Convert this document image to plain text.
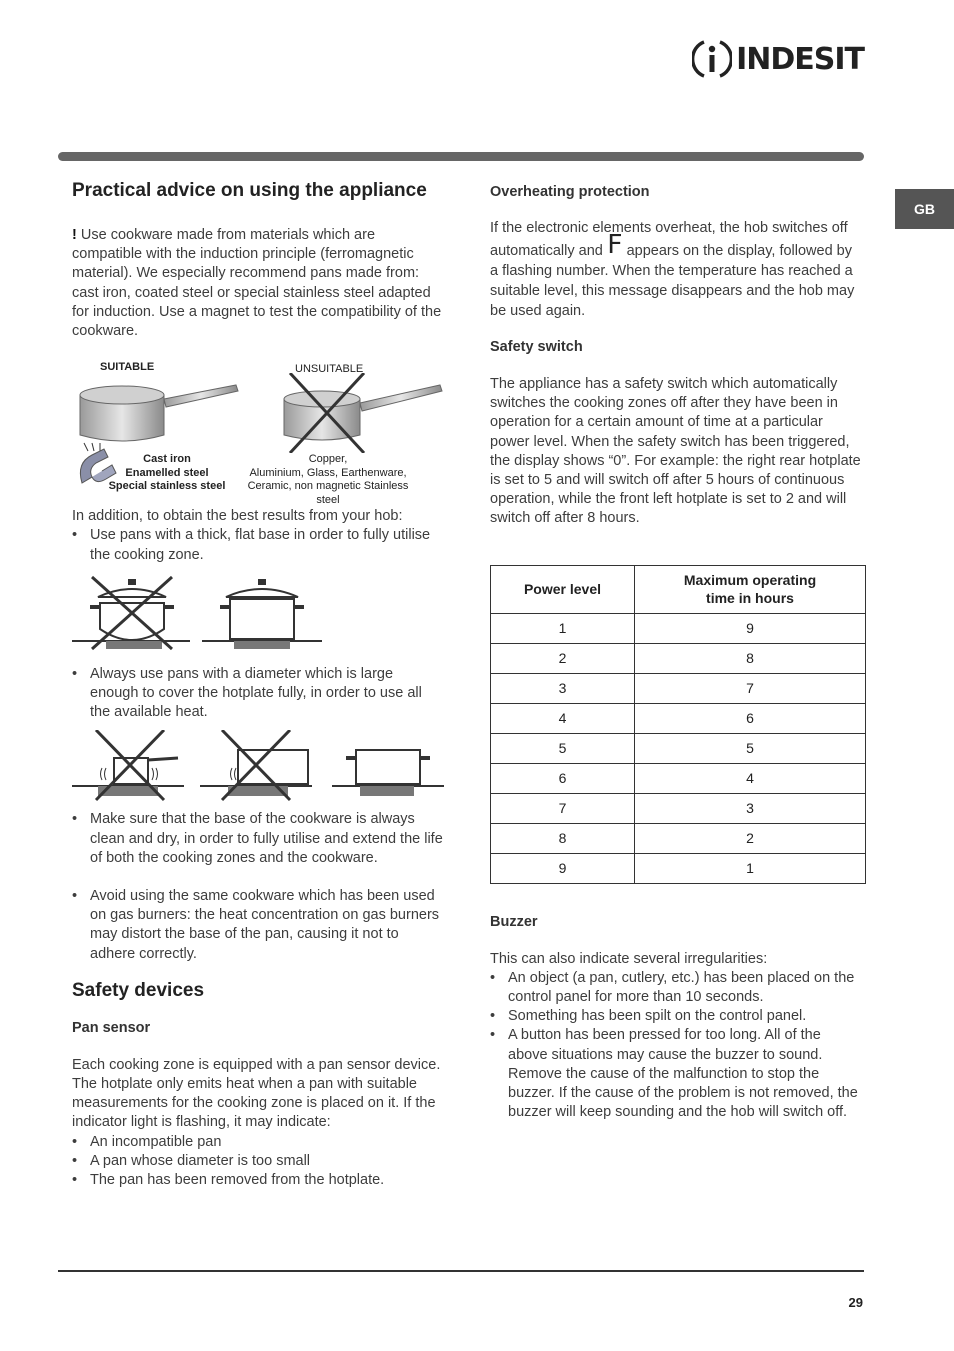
INDESIT
GB
Practical advice on using the appliance

! Use cookware made from materials which are compatible with the induction principle (ferromagnetic material). We especially recommend pans made from: cast iron, coated steel or special stainless steel adapted for induction. Use a magnet to test the compatibility of the cookware.

SUITABLE	UNSUITABLE
Cast iron
Enamelled steel
Special stainless steel
Copper,
Aluminium, Glass, Earthenware,
Ceramic, non magnetic Stainless steel

In addition, to obtain the best results from your hob:

• Use pans with a thick, flat base in order to fully utilise the cooking zone.
• Always use pans with a diameter which is large enough to cover the hotplate fully, in order to use all the available heat.
• Make sure that the base of the cookware is always clean and dry, in order to fully utilise and extend the life of both the cooking zones and the cookware.
• Avoid using the same cookware which has been used on gas burners: the heat concentration on gas burners may distort the base of the pan, causing it not to adhere correctly.
Safety devices
Pan sensor

Each cooking zone is equipped with a pan sensor device. The hotplate only emits heat when a pan with suitable measurements for the cooking zone is placed on it. If the indicator light is flashing, it may indicate:

• An incompatible pan
• A pan whose diameter is too small
• The pan has been removed from the hotplate.
Overheating protection

If the electronic elements overheat, the hob switches off automatically and F appears on the display, followed by a flashing number. When the temperature has reached a suitable level, this message disappears and the hob may be used again.

Safety switch

The appliance has a safety switch which automatically switches the cooking zones off after they have been in operation for a certain amount of time at a particular power level. When the safety switch has been triggered, the display shows “0”. For example: the right rear hotplate is set to 5 and will switch off after 5 hours of continuous operation, while the front left hotplate is set to 2 and will switch off after 8 hours.

Power level	Maximum operating
time in hours
1	9
2	8
3	7
4	6
5	5
6	4
7	3
8	2
9	1
Buzzer

This can also indicate several irregularities:

• An object (a pan, cutlery, etc.) has been placed on the control panel for more than 10 seconds.
• Something has been spilt on the control panel.
• A button has been pressed for too long. All of the above situations may cause the buzzer to sound. Remove the cause of the malfunction to stop the buzzer. If the cause of the problem is not removed, the buzzer will keep sounding and the hob will switch off.
29
